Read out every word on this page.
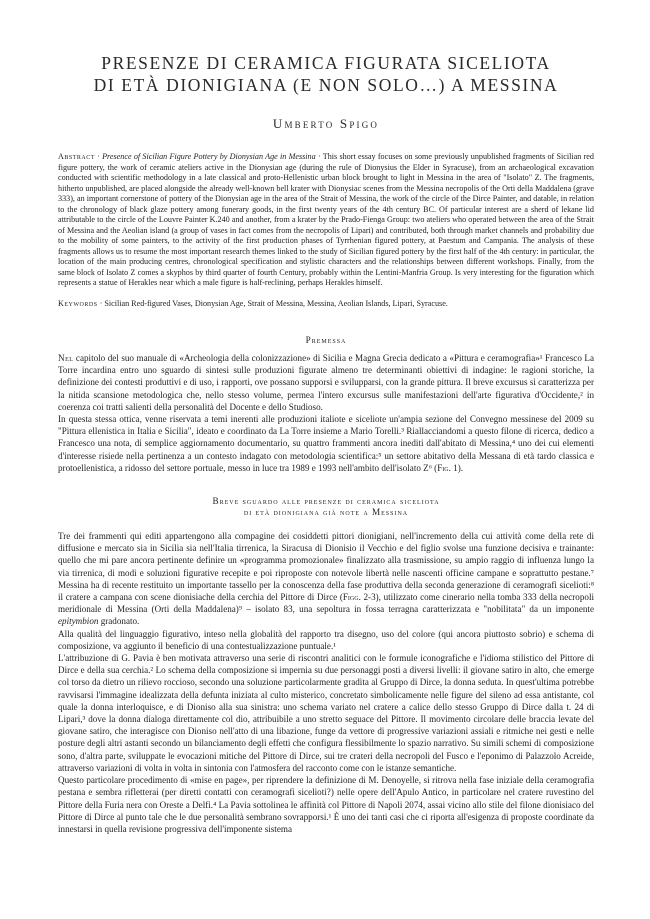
PRESENZE DI CERAMICA FIGURATA SICELIOTA
DI ETÀ DIONIGIANA (E NON SOLO…) A MESSINA
Umberto Spigo
Abstract · Presence of Sicilian Figure Pottery by Dionysian Age in Messina · This short essay focuses on some previously unpublished fragments of Sicilian red figure pottery, the work of ceramic ateliers active in the Dionysian age (during the rule of Dionysius the Elder in Syracuse), from an archaeological excavation conducted with scientific methodology in a late classical and proto-Hellenistic urban block brought to light in Messina in the area of "Isolato" Z. The fragments, hitherto unpublished, are placed alongside the already well-known bell krater with Dionysiac scenes from the Messina necropolis of the Orti della Maddalena (grave 333), an important cornerstone of pottery of the Dionysian age in the area of the Strait of Messina, the work of the circle of the Dirce Painter, and datable, in relation to the chronology of black glaze pottery among funerary goods, in the first twenty years of the 4th century BC. Of particular interest are a sherd of lekane lid attributable to the circle of the Louvre Painter K.240 and another, from a krater by the Prado-Fienga Group: two ateliers who operated between the area of the Strait of Messina and the Aeolian island (a group of vases in fact comes from the necropolis of Lipari) and contributed, both through market channels and probability due to the mobility of some painters, to the activity of the first production phases of Tyrrhenian figured pottery, at Paestum and Campania. The analysis of these fragments allows us to resume the most important research themes linked to the study of Sicilian figured pottery by the first half of the 4th century: in particular, the location of the main producing centres, chronological specification and stylistic characters and the relationships between different workshops. Finally, from the same block of Isolato Z comes a skyphos by third quarter of fourth Century, probably within the Lentini-Manfria Group. Is very interesting for the figuration which represents a statue of Herakles near which a male figure is half-reclining, perhaps Herakles himself.
Keywords · Sicilian Red-figured Vases, Dionysian Age, Strait of Messina, Messina, Aeolian Islands, Lipari, Syracuse.
Premessa

Nel capitolo del suo manuale di «Archeologia della colonizzazione» di Sicilia e Magna Grecia dedicato a «Pittura e ceramografia»¹ Francesco La Torre incardina entro uno sguardo di sintesi sulle produzioni figurate almeno tre determinanti obiettivi di indagine: le ragioni storiche, la definizione dei contesti produttivi e di uso, i rapporti, ove possano supporsi e svilupparsi, con la grande pittura. Il breve excursus si caratterizza per la nitida scansione metodologica che, nello stesso volume, permea l'intero excursus sulle manifestazioni dell'arte figurativa d'Occidente,² in coerenza coi tratti salienti della personalità del Docente e dello Studioso.

In questa stessa ottica, venne riservata a temi inerenti alle produzioni italiote e siceliote un'ampia sezione del Convegno messinese del 2009 su "Pittura ellenistica in Italia e Sicilia", ideato e coordinato da La Torre insieme a Mario Torelli.³ Riallacciandomi a questo filone di ricerca, dedico a Francesco una nota, di semplice aggiornamento documentario, su quattro frammenti ancora inediti dall'abitato di Messina,⁴ uno dei cui elementi d'interesse risiede nella pertinenza a un contesto indagato con metodologia scientifica:⁵ un settore abitativo della Messana di età tardo classica e protoellenistica, a ridosso del settore portuale, messo in luce tra 1989 e 1993 nell'ambito dell'isolato Z⁶ (Fig. 1).

Breve sguardo alle presenze di ceramica siceliota
di età dionigiana già note a Messina

Tre dei frammenti qui editi appartengono alla compagine dei cosiddetti pittori dionigiani, nell'incremento della cui attività come della rete di diffusione e mercato sia in Sicilia sia nell'Italia tirrenica, la Siracusa di Dionisio il Vecchio e del figlio svolse una funzione decisiva e trainante: quello che mi pare ancora pertinente definire un «programma promozionale» finalizzato alla trasmissione, su ampio raggio di influenza lungo la via tirrenica, di modi e soluzioni figurative recepite e poi riproposte con notevole libertà nelle nascenti officine campane e soprattutto pestane.⁷ Messina ha di recente restituito un importante tassello per la conoscenza della fase produttiva della seconda generazione di ceramografi sicelioti:⁸ il cratere a campana con scene dionisiache della cerchia del Pittore di Dirce (Figg. 2-3), utilizzato come cinerario nella tomba 333 della necropoli meridionale di Messina (Orti della Maddalena)⁹ – isolato 83, una sepoltura in fossa terragna caratterizzata e "nobilitata" da un imponente epitymbion gradonato.

Alla qualità del linguaggio figurativo, inteso nella globalità del rapporto tra disegno, uso del colore (qui ancora piuttosto sobrio) e schema di composizione, va aggiunto il beneficio di una contestualizzazione puntuale.¹

L'attribuzione di G. Pavia è ben motivata attraverso una serie di riscontri analitici con le formule iconografiche e l'idioma stilistico del Pittore di Dirce e della sua cerchia.² Lo schema della composizione si impernia su due personaggi posti a diversi livelli: il giovane satiro in alto, che emerge col torso da dietro un rilievo roccioso, secondo una soluzione particolarmente gradita al Gruppo di Dirce, la donna seduta. In quest'ultima potrebbe ravvisarsi l'immagine idealizzata della defunta iniziata al culto misterico, concretato simbolicamente nelle figure del sileno ad essa antistante, col quale la donna interloquisce, e di Dioniso alla sua sinistra: uno schema variato nel cratere a calice dello stesso Gruppo di Dirce dalla t. 24 di Lipari,³ dove la donna dialoga direttamente col dio, attribuibile a uno stretto seguace del Pittore. Il movimento circolare delle braccia levate del giovane satiro, che interagisce con Dioniso nell'atto di una libazione, funge da vettore di progressive variazioni assiali e ritmiche nei gesti e nelle posture degli altri astanti secondo un bilanciamento degli effetti che configura flessibilmente lo spazio narrativo. Su simili schemi di composizione sono, d'altra parte, sviluppate le evocazioni mitiche del Pittore di Dirce, sui tre crateri della necropoli del Fusco e l'eponimo di Palazzolo Acreide, attraverso variazioni di volta in volta in sintonia con l'atmosfera del racconto come con le istanze semantiche.

Questo particolare procedimento di «mise en page», per riprendere la definizione di M. Denoyelle, si ritrova nella fase iniziale della ceramografia pestana e sembra rifletterai (per diretti contatti con ceramografi sicelioti?) nelle opere dell'Apulo Antico, in particolare nel cratere ruvestino del Pittore della Furia nera con Oreste a Delfi.⁴ La Pavia sottolinea le affinità col Pittore di Napoli 2074, assai vicino allo stile del filone dionisiaco del Pittore di Dirce al punto tale che le due personalità sembrano sovrapporsi.¹ È uno dei tanti casi che ci riporta all'esigenza di proposte coordinate da innestarsi in quella revisione progressiva dell'imponente sistema
